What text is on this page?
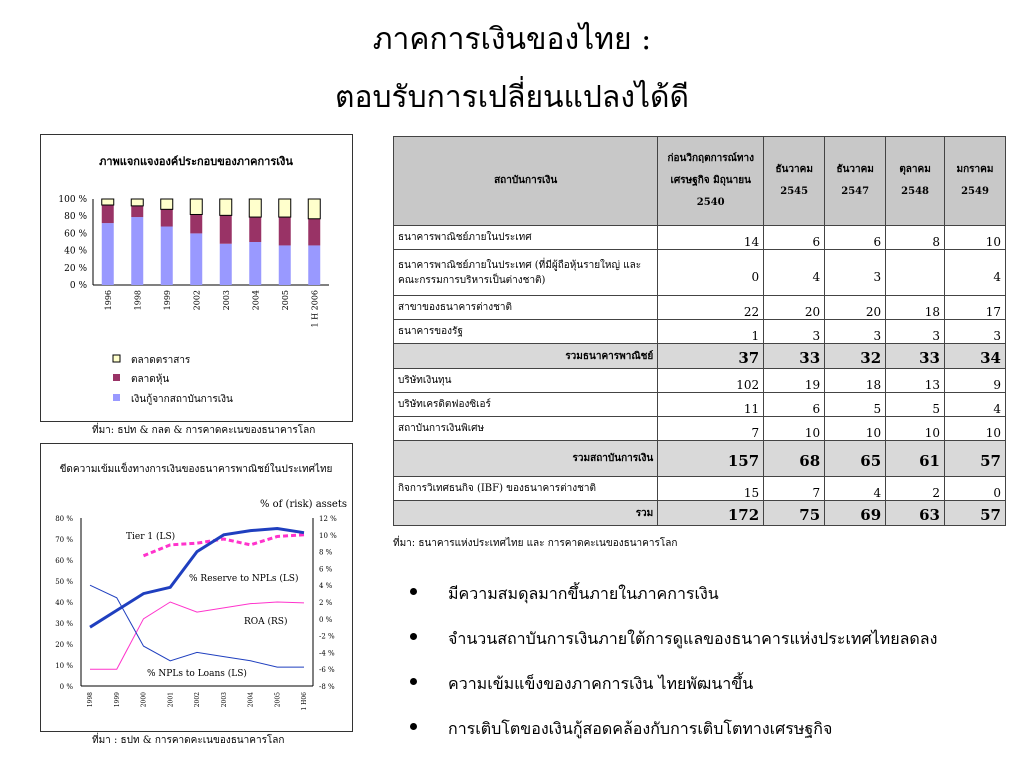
ภาคการเงินของไทย :
ตอบรับการเปลี่ยนแปลงได้ดี
ภาพแจกแจงองค์ประกอบของภาคการเงิน
100 %
80 %
60 %
40 %
20 %
0 %
1996	1998	1999	2002	2003	2004	2005	1 H 2006
ตลาดตราสาร
ตลาดหุ้น
เงินกู้จากสถาบันการเงิน
ที่มา: ธปท & กลต & การคาดคะเนของธนาคารโลก
ขีดความเข้มแข็งทางการเงินของธนาคารพาณิชย์ในประเทศไทย
% of (risk) assets
80 %
70 %
60 %
50 %
40 %
30 %
20 %
10 %
0 %
12 %
10 %
8 %
6 %
4 %
2 %
0 %
-2 %
-4 %
-6 %
-8 %
1998	1999	2000	2001	2002	2003	2004	2005	1 H06
Tier 1 (LS)
% Reserve to NPLs (LS)
ROA (RS)
% NPLs to Loans (LS)
ที่มา : ธปท & การคาดคะเนของธนาคารโลก
สถาบันการเงิน	ก่อนวิกฤตการณ์ทางเศรษฐกิจ มิถุนายน 2540	ธันวาคม 2545	ธันวาคม 2547	ตุลาคม 2548	มกราคม 2549
ธนาคารพาณิชย์ภายในประเทศ	14	6	6	8	10
ธนาคารพาณิชย์ภายในประเทศ (ที่มีผู้ถือหุ้นรายใหญ่ และคณะกรรมการบริหารเป็นต่างชาติ)	0	4	3		4
สาขาของธนาคารต่างชาติ	22	20	20	18	17
ธนาคารของรัฐ	1	3	3	3	3
รวมธนาคารพาณิชย์	37	33	32	33	34
บริษัทเงินทุน	102	19	18	13	9
บริษัทเครดิตฟองซิเอร์	11	6	5	5	4
สถาบันการเงินพิเศษ	7	10	10	10	10
รวมสถาบันการเงิน	157	68	65	61	57
กิจการวิเทศธนกิจ (IBF) ของธนาคารต่างชาติ	15	7	4	2	0
รวม	172	75	69	63	57
ที่มา: ธนาคารแห่งประเทศไทย และ การคาดคะเนของธนาคารโลก
มีความสมดุลมากขึ้นภายในภาคการเงิน
จำนวนสถาบันการเงินภายใต้การดูแลของธนาคารแห่งประเทศไทยลดลง
ความเข้มแข็งของภาคการเงิน ไทยพัฒนาขึ้น
การเติบโตของเงินกู้สอดคล้องกับการเติบโตทางเศรษฐกิจ
